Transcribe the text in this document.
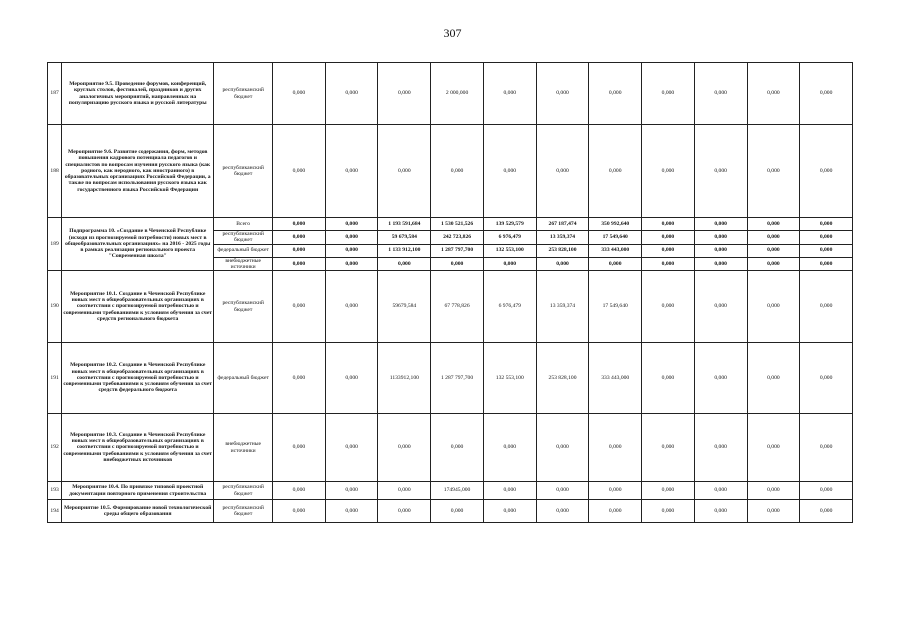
307
187	Мероприятие 9.5. Проведение форумов, конференций, круглых столов, фестивалей, праздников и других аналогичных мероприятий, направленных на популяризацию русского языка и русской литературы	республиканский бюджет	0,000	0,000	0,000	2 000,000	0,000	0,000	0,000	0,000	0,000	0,000	0,000
188	Мероприятие 9.6. Развитие содержания, форм, методов повышения кадрового потенциала педагогов и специалистов по вопросам изучения русского языка (как родного, как неродного, как иностранного) в образовательных организациях Российской Федерации, а также по вопросам использования русского языка как государственного языка Российской Федерации	республиканский бюджет	0,000	0,000	0,000	0,000	0,000	0,000	0,000	0,000	0,000	0,000	0,000
189	Подпрограмма 10. «Создание в Чеченской Республике (исходя из прогнозируемой потребности) новых мест в общеобразовательных организациях» на 2016 - 2025 годы в рамках реализации регионального проекта "Современная школа"	Всего	0,000	0,000	1 193 591,684	1 530 521,526	139 529,579	267 187,474	350 992,640	0,000	0,000	0,000	0,000
		республиканский бюджет	0,000	0,000	59 679,584	242 723,826	6 976,479	13 359,374	17 549,640	0,000	0,000	0,000	0,000
		федеральный бюджет	0,000	0,000	1 133 912,100	1 287 797,700	132 553,100	253 828,100	333 443,000	0,000	0,000	0,000	0,000
		внебюджетные источники	0,000	0,000	0,000	0,000	0,000	0,000	0,000	0,000	0,000	0,000	0,000
190	Мероприятие 10.1. Создание в Чеченской Республике новых мест в общеобразовательных организациях в соответствии с прогнозируемой потребностью и современными требованиями к условиям обучения за счет средств регионального бюджета	республиканский бюджет	0,000	0,000	59679,584	67 778,826	6 976,479	13 359,374	17 549,640	0,000	0,000	0,000	0,000
191	Мероприятие 10.2. Создание в Чеченской Республике новых мест в общеобразовательных организациях в соответствии с прогнозируемой потребностью и современными требованиями к условиям обучения за счет средств федерального бюджета	федеральный бюджет	0,000	0,000	1133912,100	1 287 797,700	132 553,100	253 828,100	333 443,000	0,000	0,000	0,000	0,000
192	Мероприятие 10.3. Создание в Чеченской Республике новых мест в общеобразовательных организациях в соответствии с прогнозируемой потребностью и современными требованиями к условиям обучения за счет внебюджетных источников	внебюджетные источники	0,000	0,000	0,000	0,000	0,000	0,000	0,000	0,000	0,000	0,000	0,000
193	Мероприятие 10.4. По привязке типовой проектной документации повторного применения строительства	республиканский бюджет	0,000	0,000	0,000	174945,000	0,000	0,000	0,000	0,000	0,000	0,000	0,000
194	Мероприятие 10.5. Формирование новой технологической среды общего образования	республиканский бюджет	0,000	0,000	0,000	0,000	0,000	0,000	0,000	0,000	0,000	0,000	0,000
